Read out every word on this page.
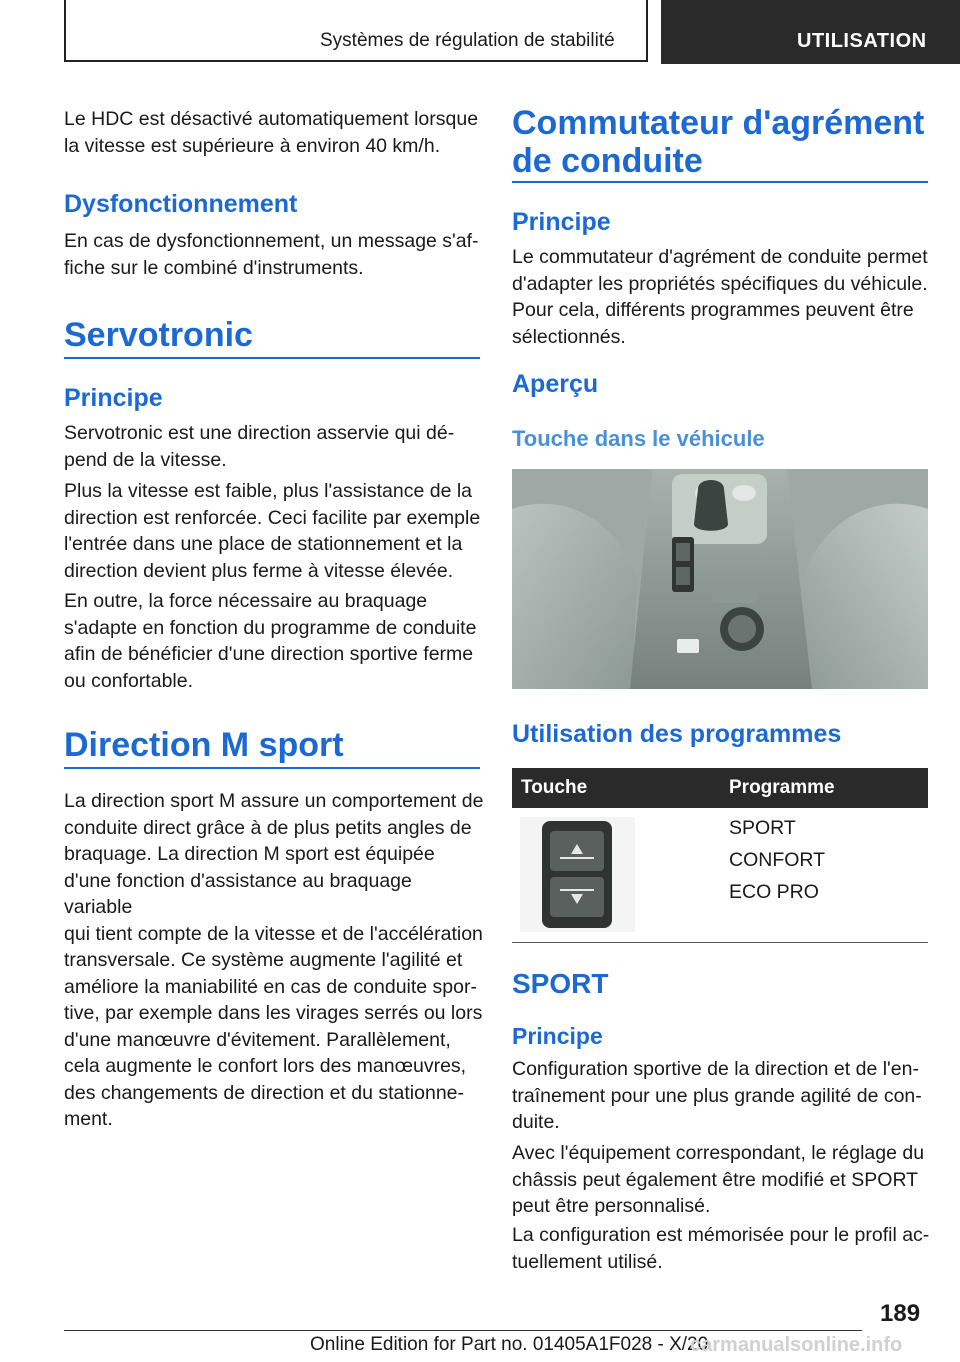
Systèmes de régulation de stabilité	UTILISATION

Le HDC est désactivé automatiquement lorsque
la vitesse est supérieure à environ 40 km/h.

Dysfonctionnement

En cas de dysfonctionnement, un message s'af-
fiche sur le combiné d'instruments.

Servotronic
Principe

Servotronic est une direction asservie qui dé-
pend de la vitesse.

Plus la vitesse est faible, plus l'assistance de la
direction est renforcée. Ceci facilite par exemple
l'entrée dans une place de stationnement et la
direction devient plus ferme à vitesse élevée.

En outre, la force nécessaire au braquage
s'adapte en fonction du programme de conduite
afin de bénéficier d'une direction sportive ferme
ou confortable.

Direction M sport

La direction sport M assure un comportement de
conduite direct grâce à de plus petits angles de
braquage. La direction M sport est équipée
d'une fonction d'assistance au braquage variable
qui tient compte de la vitesse et de l'accélération
transversale. Ce système augmente l'agilité et
améliore la maniabilité en cas de conduite spor-
tive, par exemple dans les virages serrés ou lors
d'une manœuvre d'évitement. Parallèlement,
cela augmente le confort lors des manœuvres,
des changements de direction et du stationne-
ment.

Commutateur d'agrément
de conduite
Principe

Le commutateur d'agrément de conduite permet
d'adapter les propriétés spécifiques du véhicule.
Pour cela, différents programmes peuvent être
sélectionnés.

Aperçu
Touche dans le véhicule
Utilisation des programmes
Touche	Programme
SPORT
CONFORT
ECO PRO
SPORT
Principe

Configuration sportive de la direction et de l'en-
traînement pour une plus grande agilité de con-
duite.

Avec l'équipement correspondant, le réglage du
châssis peut également être modifié et SPORT
peut être personnalisé.

La configuration est mémorisée pour le profil ac-
tuellement utilisé.

189
Online Edition for Part no. 01405A1F028 - X/20
carmanualsonline.info
